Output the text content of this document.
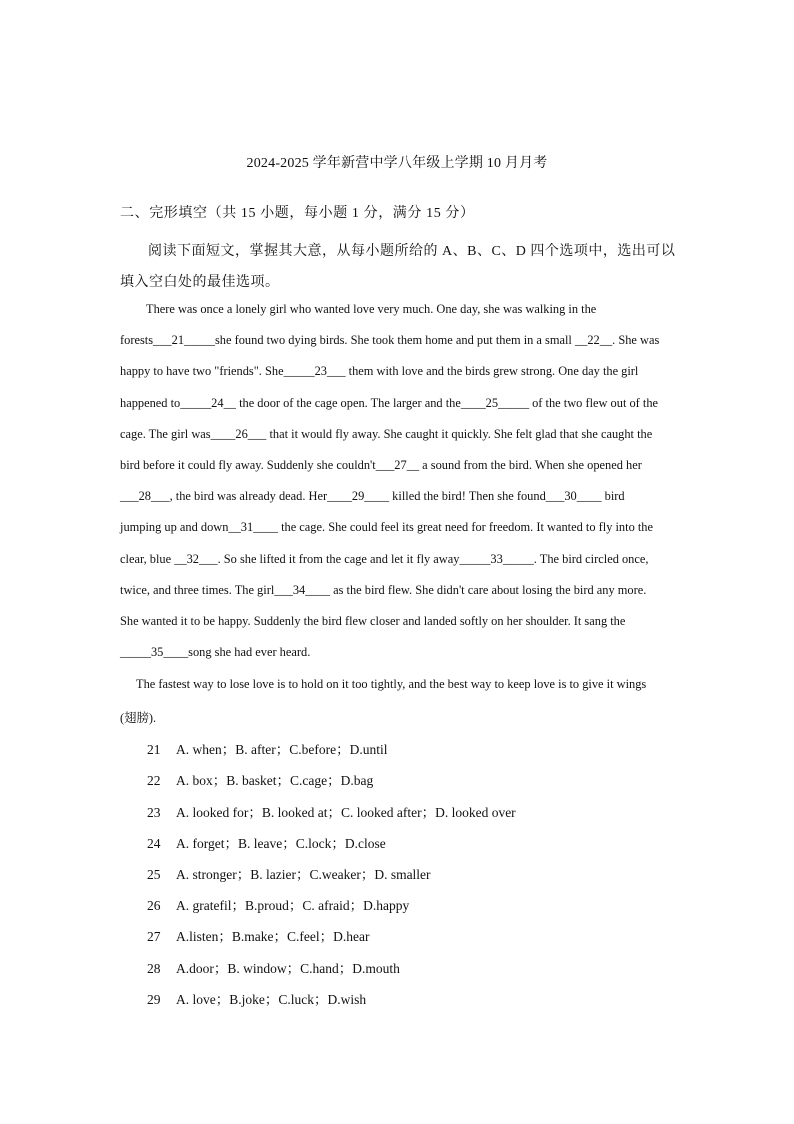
2024-2025 学年新营中学八年级上学期 10 月月考
二、完形填空（共 15 小题，每小题 1 分，满分 15 分）
阅读下面短文，掌握其大意，从每小题所给的 A、B、C、D 四个选项中，选出可以填入空白处的最佳选项。
There was once a lonely girl who wanted love very much. One day, she was walking in the
forests___21_____she found two dying birds. She took them home and put them in a small __22__. She was
happy to have two "friends". She_____23___ them with love and the birds grew strong. One day the girl
happened to_____24__ the door of the cage open. The larger and the____25_____ of the two flew out of the
cage. The girl was____26___ that it would fly away. She caught it quickly. She felt glad that she caught the
bird before it could fly away. Suddenly she couldn't___27__ a sound from the bird. When she opened her
___28___, the bird was already dead. Her____29____ killed the bird! Then she found___30____ bird
jumping up and down__31____ the cage. She could feel its great need for freedom. It wanted to fly into the
clear, blue __32___. So she lifted it from the cage and let it fly away_____33_____. The bird circled once,
twice, and three times. The girl___34____ as the bird flew. She didn't care about losing the bird any more.
She wanted it to be happy. Suddenly the bird flew closer and landed softly on her shoulder. It sang the
_____35____song she had ever heard.
The fastest way to lose love is to hold on it too tightly, and the best way to keep love is to give it wings
(翅膀).
21 A. when；B. after；C.before；D.until
22 A. box；B. basket；C.cage；D.bag
23 A. looked for；B. looked at；C. looked after；D. looked over
24 A. forget；B. leave；C.lock；D.close
25 A. stronger；B. lazier；C.weaker；D. smaller
26 A. gratefil；B.proud；C. afraid；D.happy
27 A.listen；B.make；C.feel；D.hear
28 A.door；B. window；C.hand；D.mouth
29 A. love；B.joke；C.luck；D.wish
